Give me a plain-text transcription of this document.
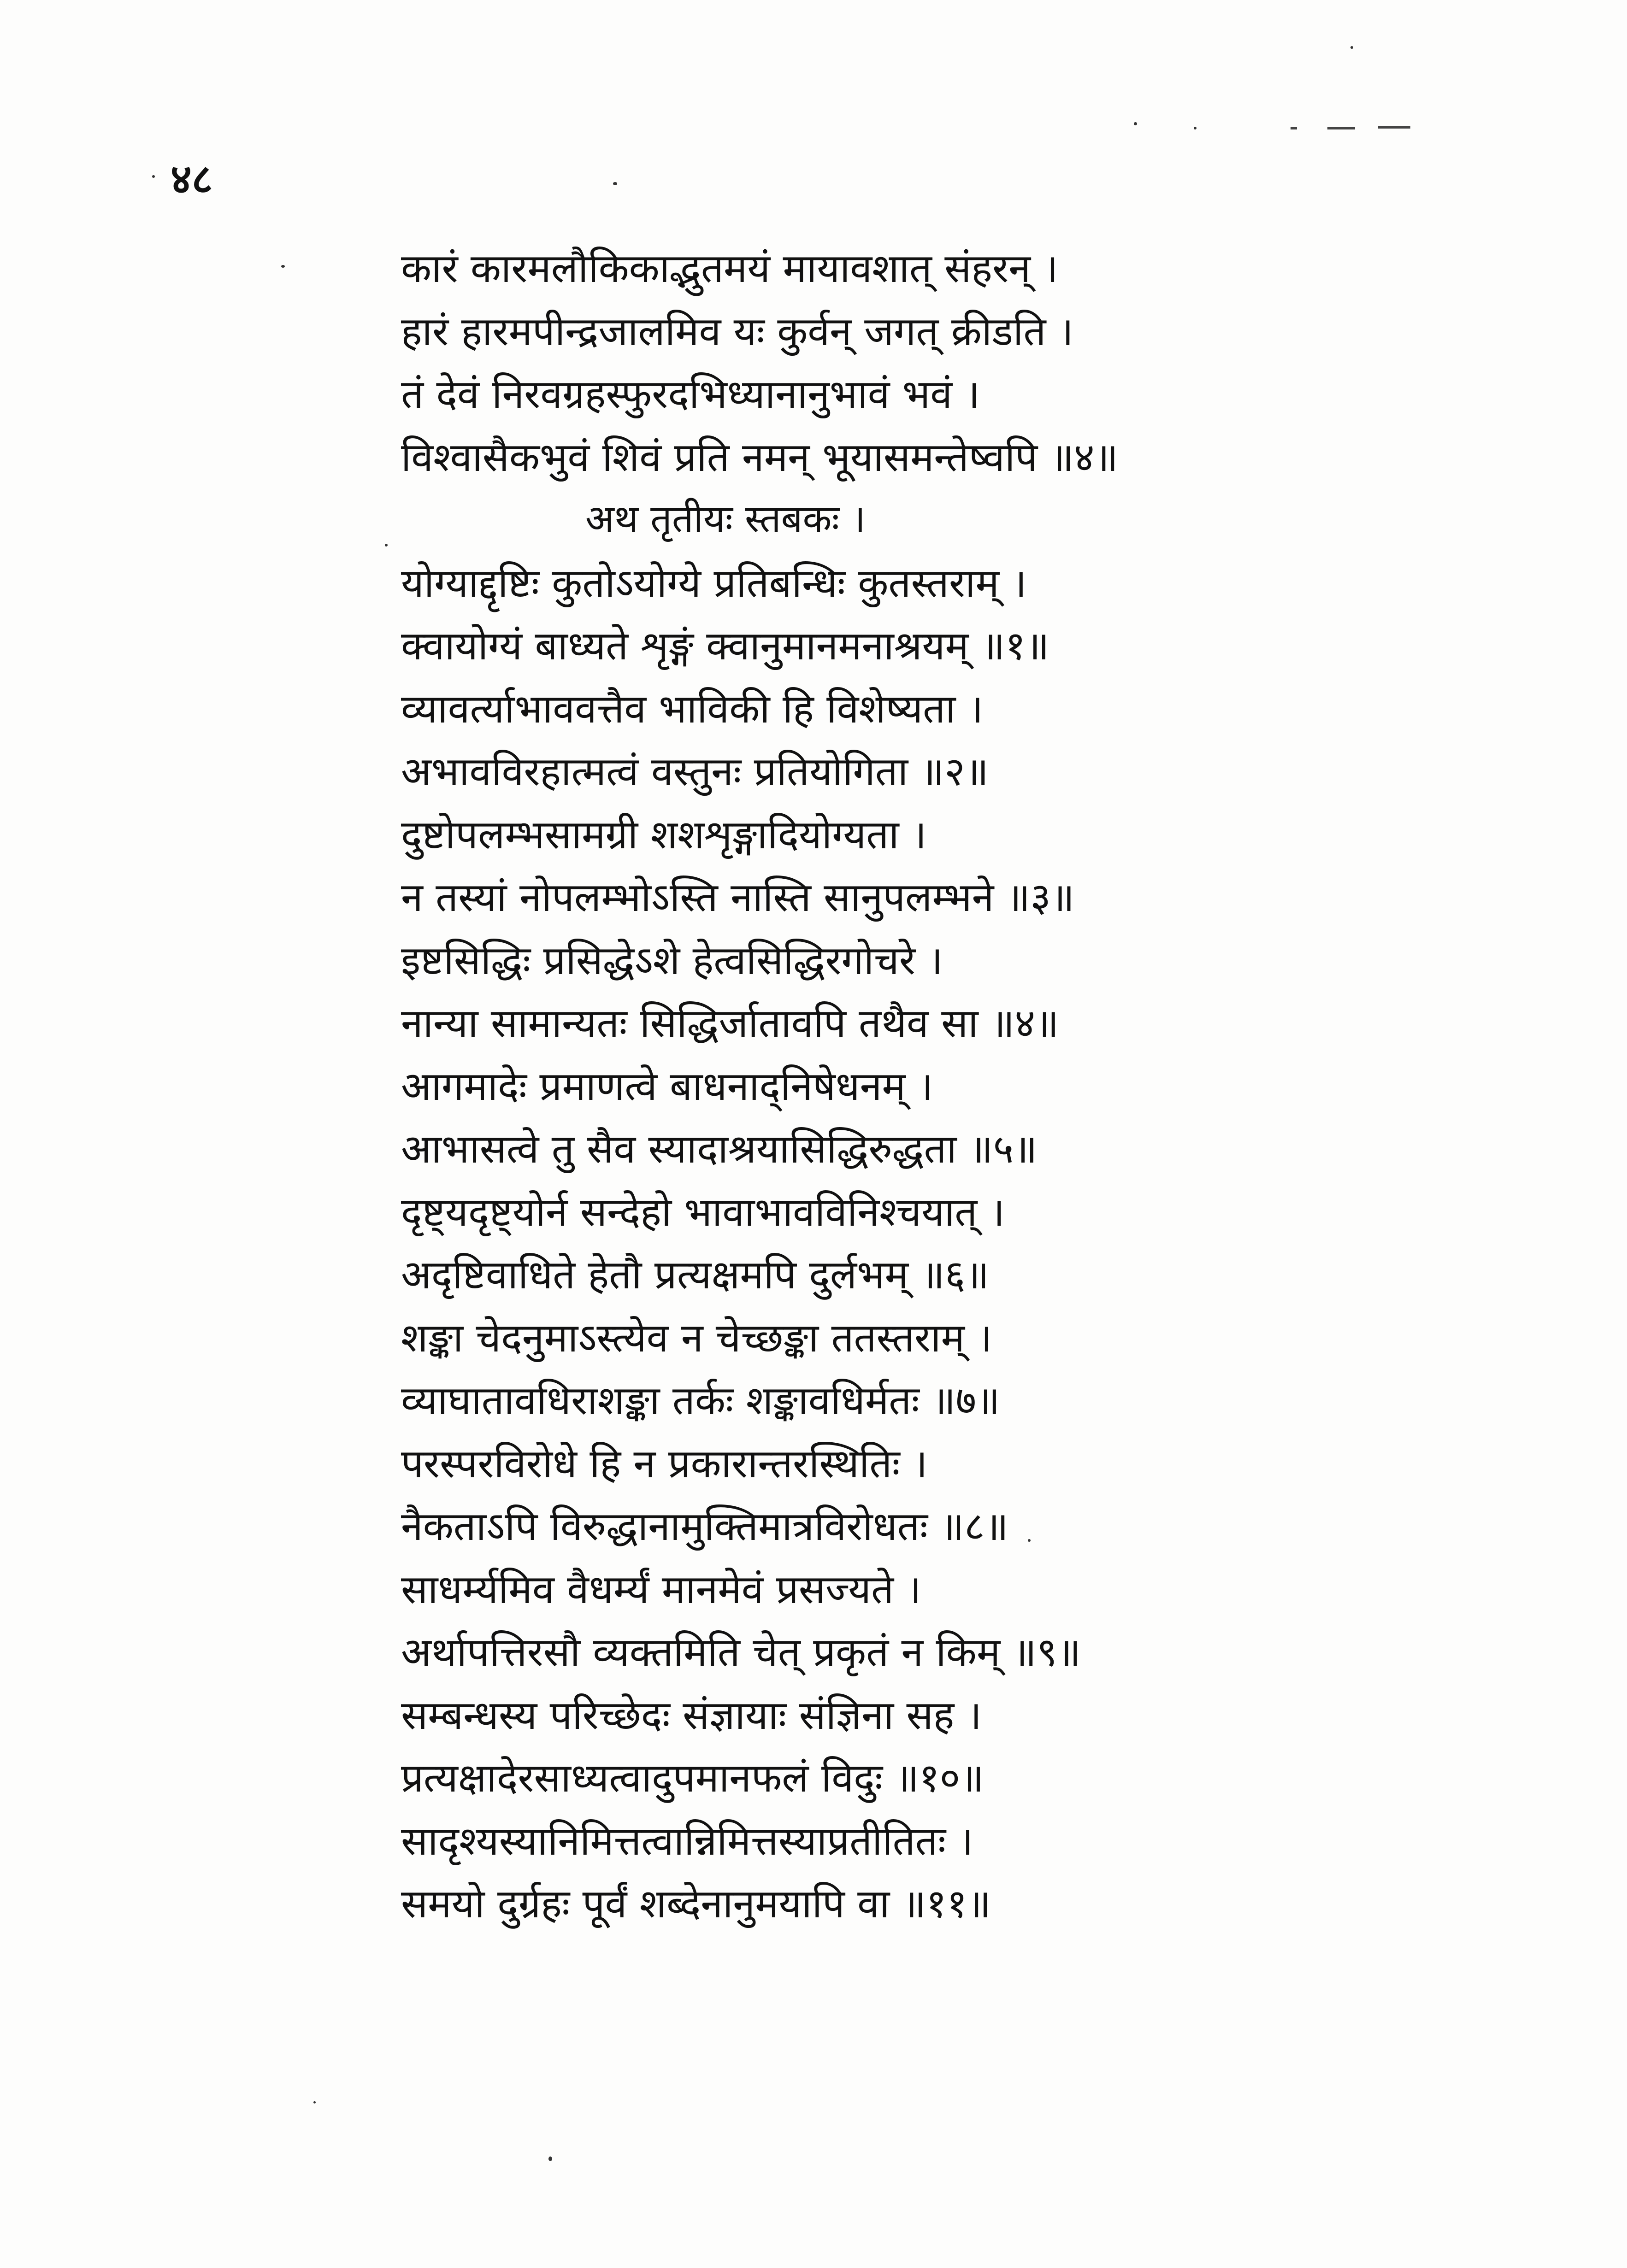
४८
कारं कारमलौकिकाद्भुतमयं मायावशात् संहरन् ।
हारं हारमपीन्द्रजालमिव यः कुर्वन् जगत् क्रीडति ।
तं देवं निरवग्रहस्फुरदभिध्यानानुभावं भवं ।
विश्वासैकभुवं शिवं प्रति नमन् भूयासमन्तेष्वपि ॥४॥
अथ तृतीयः स्तबकः ।
योग्याद्दृष्टिः कुतोऽयोग्ये प्रतिबन्धिः कुतस्तराम् ।
क्वायोग्यं बाध्यते शृङ्गं क्वानुमानमनाश्रयम् ॥१॥
व्यावर्त्याभाववत्तैव भाविकी हि विशेष्यता ।
अभावविरहात्मत्वं वस्तुनः प्रतियोगिता ॥२॥
दुष्टोपलम्भसामग्री शशशृङ्गादियोग्यता ।
न तस्यां नोपलम्भोऽस्ति नास्ति सानुपलम्भने ॥३॥
इष्टसिद्धिः प्रसिद्धेऽशे हेत्वसिद्धिरगोचरे ।
नान्या सामान्यतः सिद्धिर्जातावपि तथैव सा ॥४॥
आगमादेः प्रमाणत्वे बाधनाद्निषेधनम् ।
आभासत्वे तु सैव स्यादाश्रयासिद्धिरुद्धता ॥५॥
दृष्ट्यदृष्ट्योर्न सन्देहो भावाभावविनिश्चयात् ।
अदृष्टिवाधिते हेतौ प्रत्यक्षमपि दुर्लभम् ॥६॥
शङ्का चेदनुमाऽस्त्येव न चेच्छङ्का ततस्तराम् ।
व्याघातावधिराशङ्का तर्कः शङ्कावधिर्मतः ॥७॥
परस्परविरोधे हि न प्रकारान्तरस्थितिः ।
नैकताऽपि विरुद्धानामुक्तिमात्रविरोधतः ॥८॥
साधर्म्यमिव वैधर्म्यं मानमेवं प्रसज्यते ।
अर्थापत्तिरसौ व्यक्तमिति चेत् प्रकृतं न किम् ॥९॥
सम्बन्धस्य परिच्छेदः संज्ञायाः संज्ञिना सह ।
प्रत्यक्षादेरसाध्यत्वादुपमानफलं विदुः ॥१०॥
सादृश्यस्यानिमित्तत्वान्निमित्तस्याप्रतीतितः ।
समयो दुर्ग्रहः पूर्वं शब्देनानुमयापि वा ॥११॥
